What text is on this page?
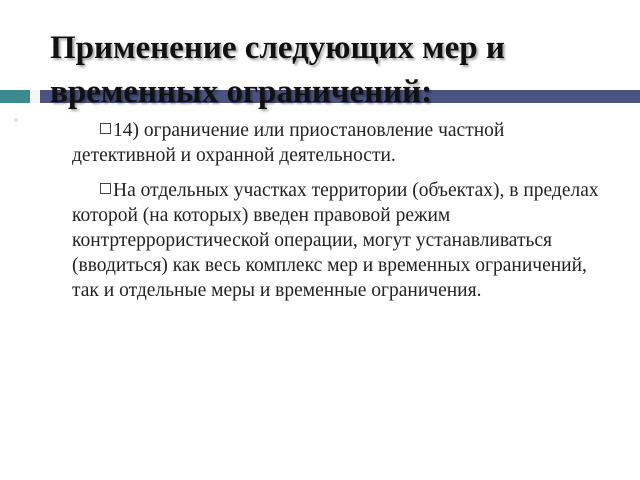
Применение следующих мер и временных ограничений:

14) ограничение или приостановление частной детективной и охранной деятельности.

На отдельных участках территории (объектах), в пределах которой (на которых) введен правовой режим контртеррористической операции, могут устанавливаться (вводиться) как весь комплекс мер и временных ограничений, так и отдельные меры и временные ограничения.
